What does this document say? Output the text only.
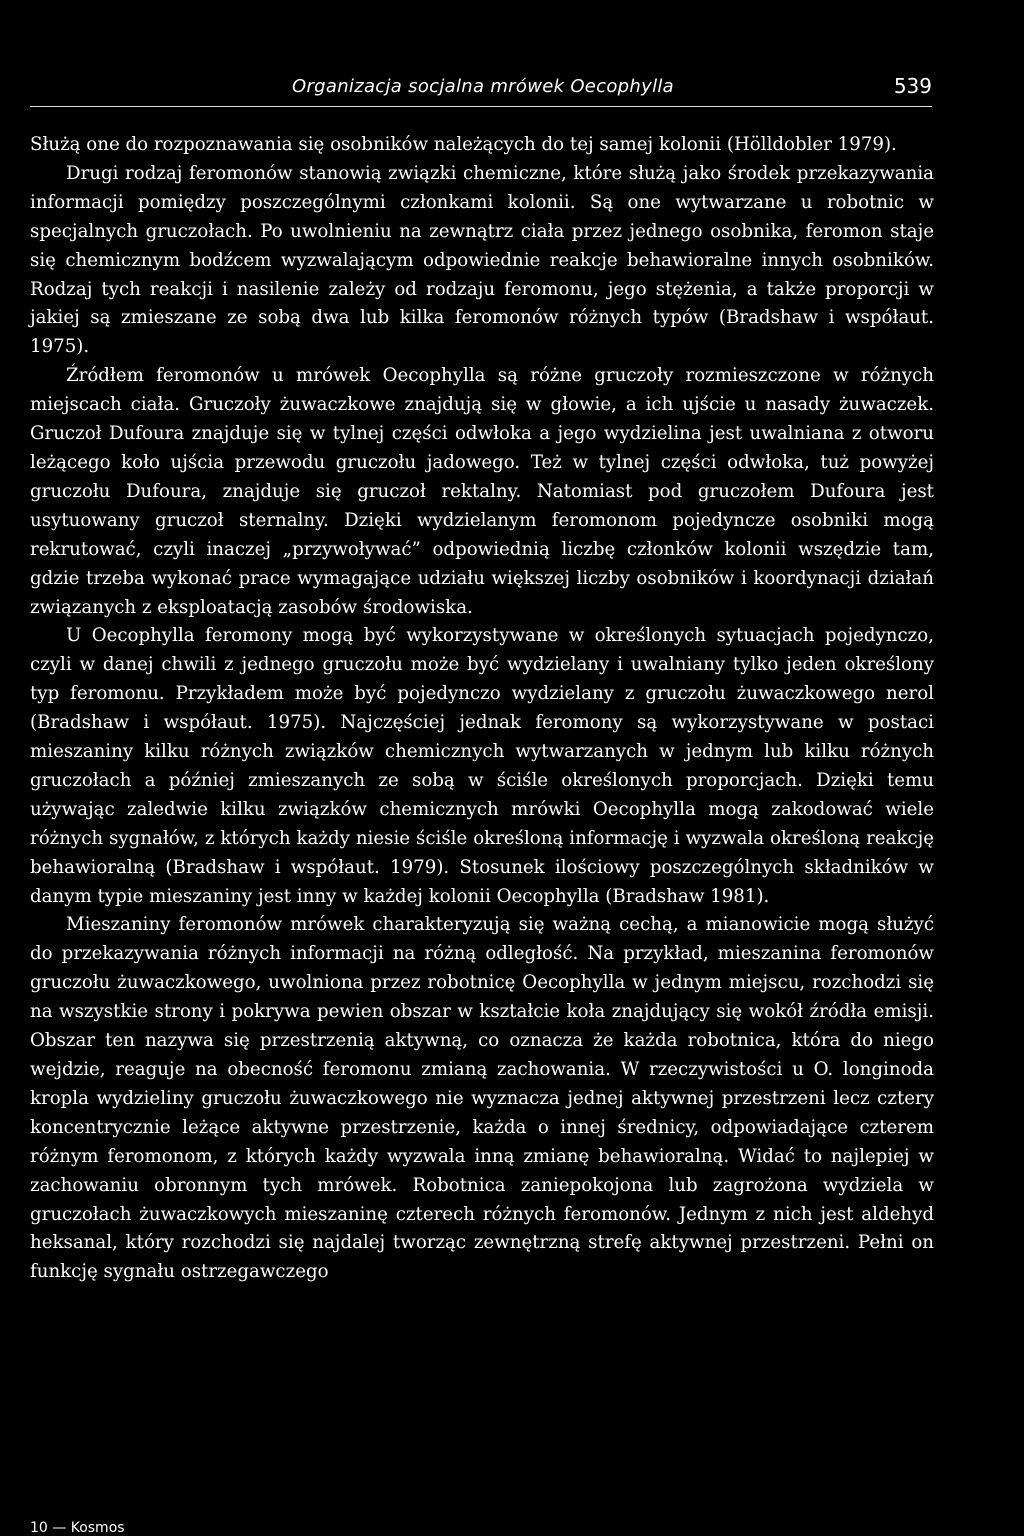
Organizacja socjalna mrówek Oecophylla	539

Służą one do rozpoznawania się osobników należących do tej samej kolonii (Hölldobler 1979).

Drugi rodzaj feromonów stanowią związki chemiczne, które służą jako środek przekazywania informacji pomiędzy poszczególnymi członkami kolonii. Są one wytwarzane u robotnic w specjalnych gruczołach. Po uwolnieniu na zewnątrz ciała przez jednego osobnika, feromon staje się chemicznym bodźcem wyzwalającym odpowiednie reakcje behawioralne innych osobników. Rodzaj tych reakcji i nasilenie zależy od rodzaju feromonu, jego stężenia, a także proporcji w jakiej są zmieszane ze sobą dwa lub kilka feromonów różnych typów (Bradshaw i współaut. 1975).

Źródłem feromonów u mrówek Oecophylla są różne gruczoły rozmieszczone w różnych miejscach ciała. Gruczoły żuwaczkowe znajdują się w głowie, a ich ujście u nasady żuwaczek. Gruczoł Dufoura znajduje się w tylnej części odwłoka a jego wydzielina jest uwalniana z otworu leżącego koło ujścia przewodu gruczołu jadowego. Też w tylnej części odwłoka, tuż powyżej gruczołu Dufoura, znajduje się gruczoł rektalny. Natomiast pod gruczołem Dufoura jest usytuowany gruczoł sternalny. Dzięki wydzielanym feromonom pojedyncze osobniki mogą rekrutować, czyli inaczej „przywoływać” odpowiednią liczbę członków kolonii wszędzie tam, gdzie trzeba wykonać prace wymagające udziału większej liczby osobników i koordynacji działań związanych z eksploatacją zasobów środowiska.

U Oecophylla feromony mogą być wykorzystywane w określonych sytuacjach pojedynczo, czyli w danej chwili z jednego gruczołu może być wydzielany i uwalniany tylko jeden określony typ feromonu. Przykładem może być pojedynczo wydzielany z gruczołu żuwaczkowego nerol (Bradshaw i współaut. 1975). Najczęściej jednak feromony są wykorzystywane w postaci mieszaniny kilku różnych związków chemicznych wytwarzanych w jednym lub kilku różnych gruczołach a później zmieszanych ze sobą w ściśle określonych proporcjach. Dzięki temu używając zaledwie kilku związków chemicznych mrówki Oecophylla mogą zakodować wiele różnych sygnałów, z których każdy niesie ściśle określoną informację i wyzwala określoną reakcję behawioralną (Bradshaw i współaut. 1979). Stosunek ilościowy poszczególnych składników w danym typie mieszaniny jest inny w każdej kolonii Oecophylla (Bradshaw 1981).

Mieszaniny feromonów mrówek charakteryzują się ważną cechą, a mianowicie mogą służyć do przekazywania różnych informacji na różną odległość. Na przykład, mieszanina feromonów gruczołu żuwaczkowego, uwolniona przez robotnicę Oecophylla w jednym miejscu, rozchodzi się na wszystkie strony i pokrywa pewien obszar w kształcie koła znajdujący się wokół źródła emisji. Obszar ten nazywa się przestrzenią aktywną, co oznacza że każda robotnica, która do niego wejdzie, reaguje na obecność feromonu zmianą zachowania. W rzeczywistości u O. longinoda kropla wydzieliny gruczołu żuwaczkowego nie wyznacza jednej aktywnej przestrzeni lecz cztery koncentrycznie leżące aktywne przestrzenie, każda o innej średnicy, odpowiadające czterem różnym feromonom, z których każdy wyzwala inną zmianę behawioralną. Widać to najlepiej w zachowaniu obronnym tych mrówek. Robotnica zaniepokojona lub zagrożona wydziela w gruczołach żuwaczkowych mieszaninę czterech różnych feromonów. Jednym z nich jest aldehyd heksanal, który rozchodzi się najdalej tworząc zewnętrzną strefę aktywnej przestrzeni. Pełni on funkcję sygnału ostrzegawczego

10 — Kosmos
